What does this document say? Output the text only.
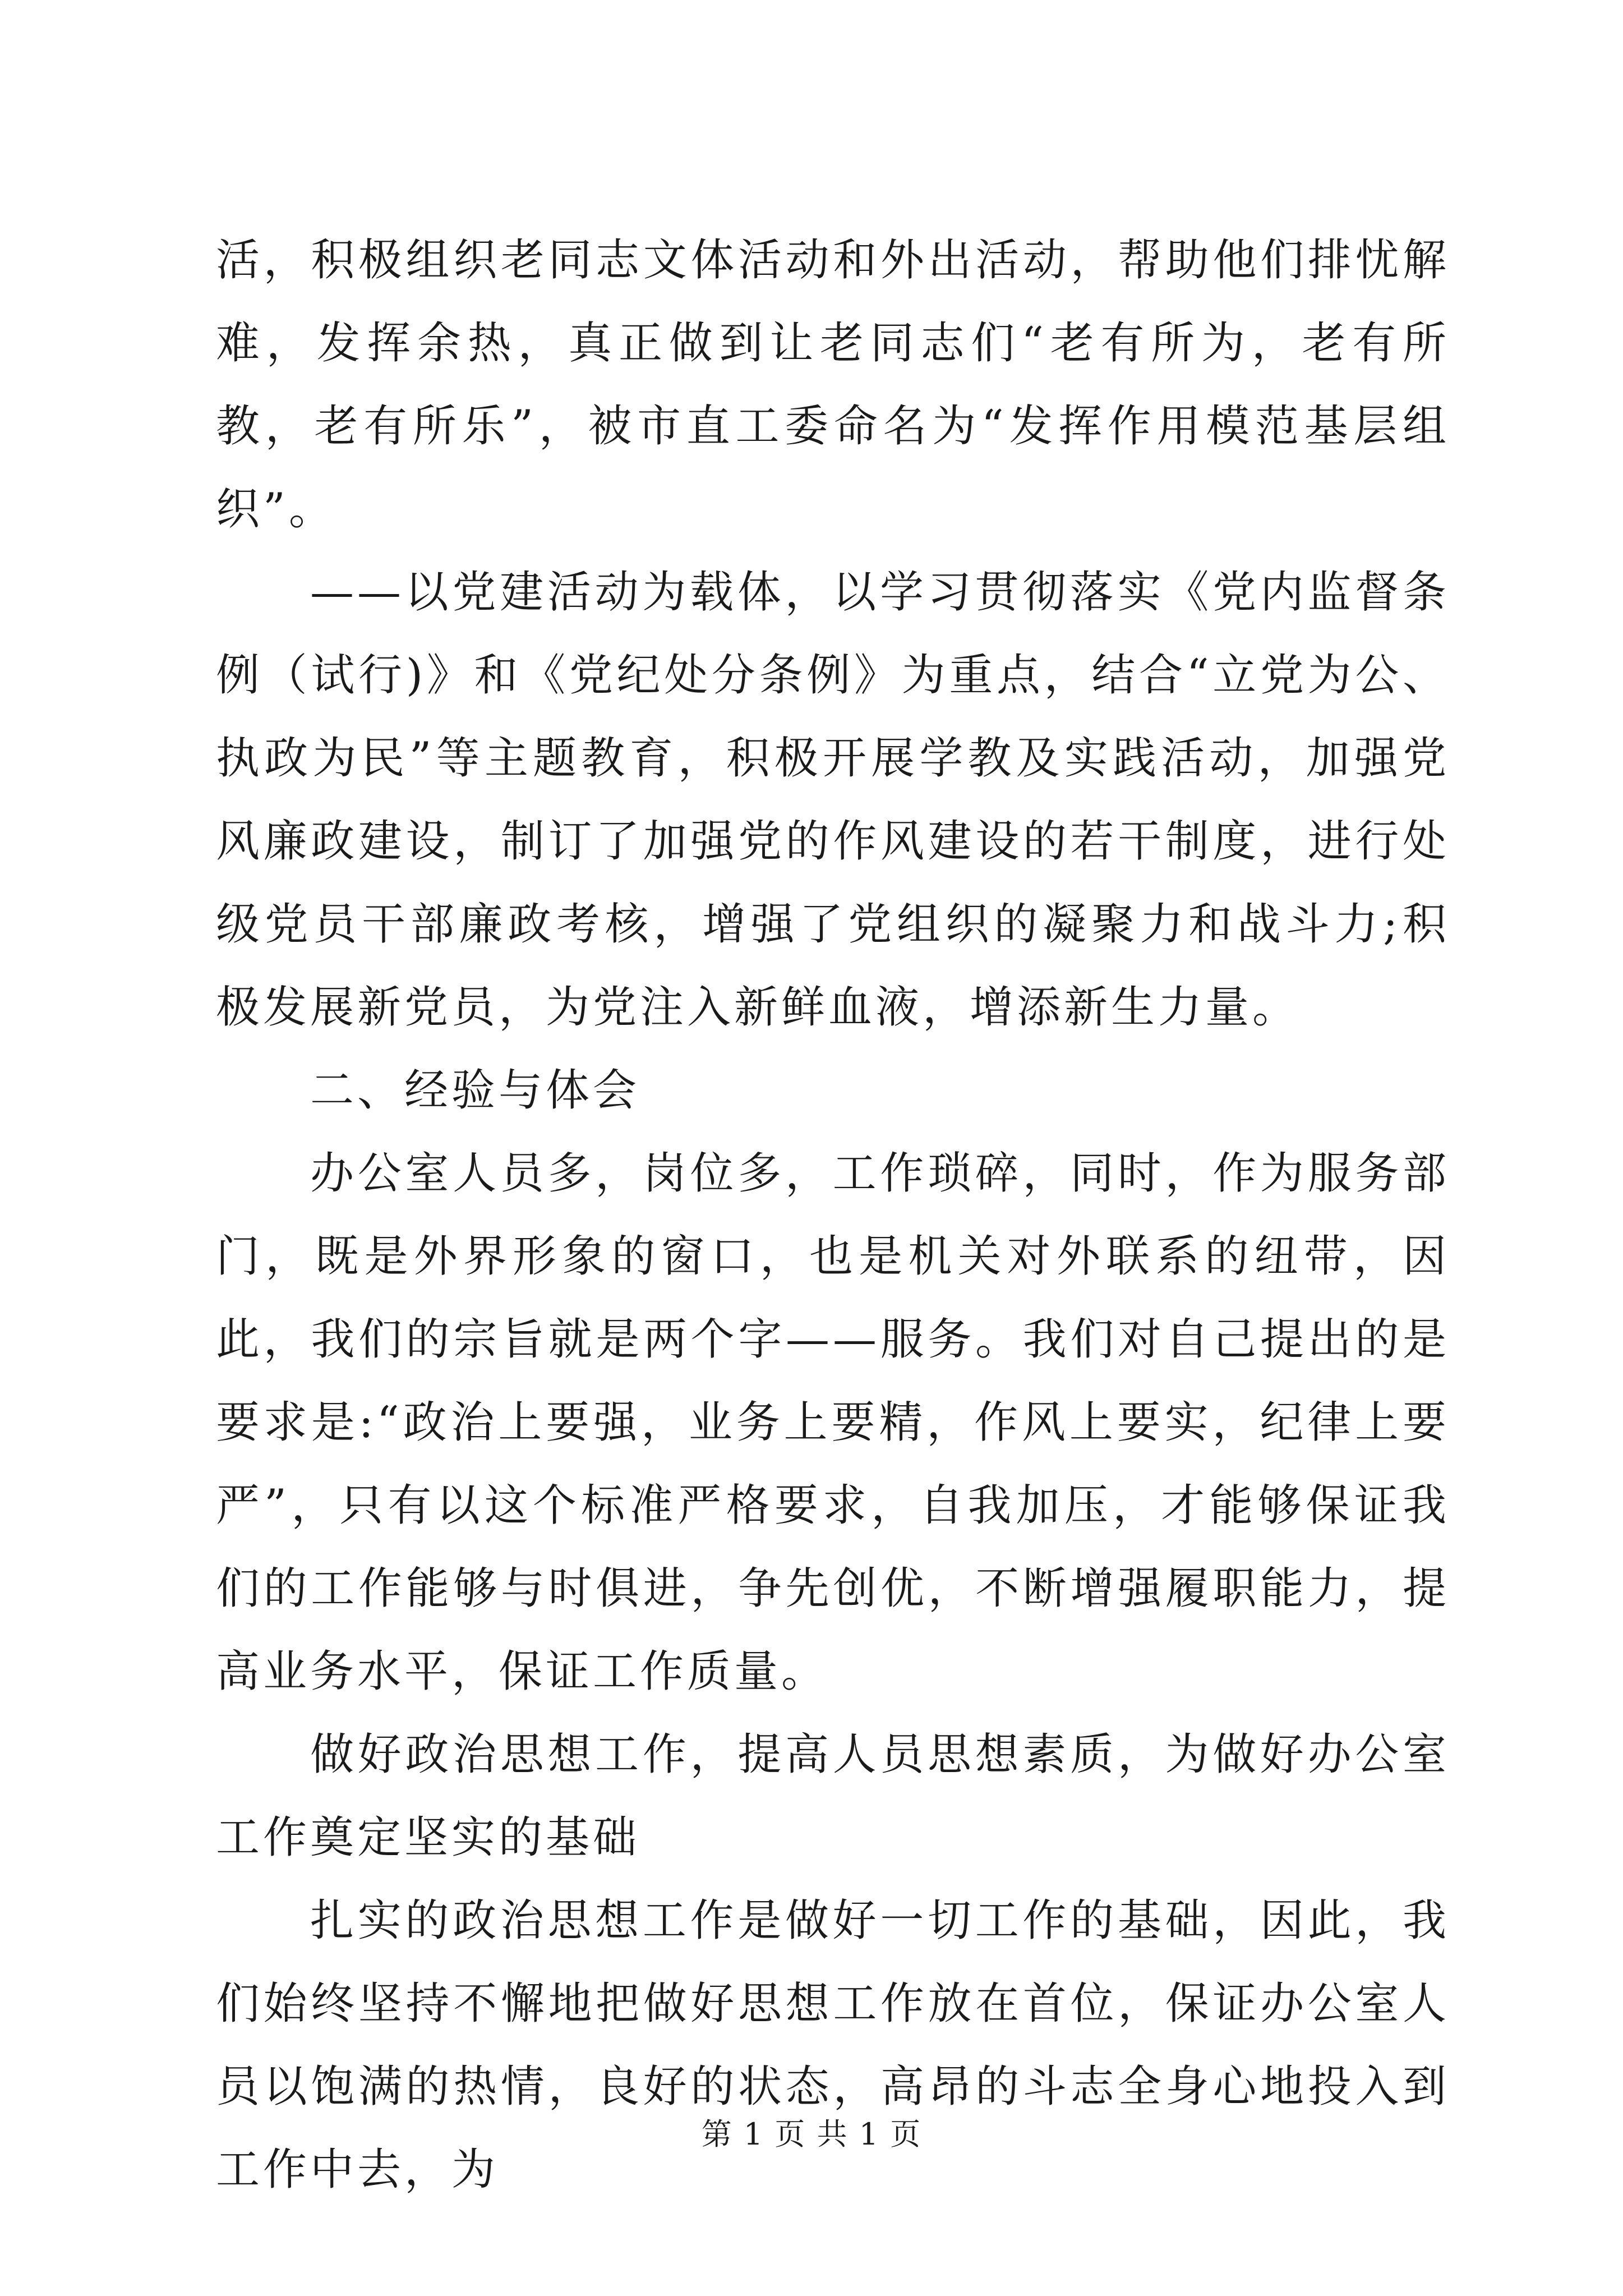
活，积极组织老同志文体活动和外出活动，帮助他们排忧解难，发挥余热，真正做到让老同志们“老有所为，老有所教，老有所乐”，被市直工委命名为“发挥作用模范基层组织”。

——以党建活动为载体，以学习贯彻落实《党内监督条例（试行)》和《党纪处分条例》为重点，结合“立党为公、执政为民”等主题教育，积极开展学教及实践活动，加强党风廉政建设，制订了加强党的作风建设的若干制度，进行处级党员干部廉政考核，增强了党组织的凝聚力和战斗力;积极发展新党员，为党注入新鲜血液，增添新生力量。

二、经验与体会

办公室人员多，岗位多，工作琐碎，同时，作为服务部门，既是外界形象的窗口，也是机关对外联系的纽带，因此，我们的宗旨就是两个字——服务。我们对自己提出的是要求是:“政治上要强，业务上要精，作风上要实，纪律上要严”，只有以这个标准严格要求，自我加压，才能够保证我们的工作能够与时俱进，争先创优，不断增强履职能力，提高业务水平，保证工作质量。

做好政治思想工作，提高人员思想素质，为做好办公室工作奠定坚实的基础

扎实的政治思想工作是做好一切工作的基础，因此，我们始终坚持不懈地把做好思想工作放在首位，保证办公室人员以饱满的热情，良好的状态，高昂的斗志全身心地投入到工作中去，为

第 1 页 共 1 页
